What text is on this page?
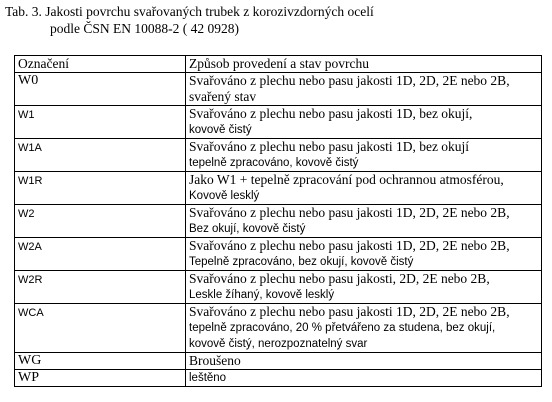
Tab. 3. Jakosti povrchu svařovaných trubek z korozivzdorných ocelí
podle ČSN EN 10088-2 ( 42 0928)
Označení	Způsob provedení a stav povrchu
W0	Svařováno z plechu nebo pasu jakosti 1D, 2D, 2E nebo 2B,
svařený stav

W1	Svařováno z plechu nebo pasu jakosti 1D, bez okují,
kovově čistý

W1A	Svařováno z plechu nebo pasu jakosti 1D, bez okují
tepelně zpracováno, kovově čistý

W1R	Jako W1 + tepelně zpracování pod ochrannou atmosférou,
Kovově lesklý

W2	Svařováno z plechu nebo pasu jakosti 1D, 2D, 2E nebo 2B,
Bez okují, kovově čistý

W2A	Svařováno z plechu nebo pasu jakosti 1D, 2D, 2E nebo 2B,
Tepelně zpracováno, bez okují, kovově čistý

W2R	Svařováno z plechu nebo pasu jakosti, 2D, 2E nebo 2B,
Leskle žíhaný, kovově lesklý

WCA	Svařováno z plechu nebo pasu jakosti 1D, 2D, 2E nebo 2B,
tepelně zpracováno, 20 % přetvářeno za studena, bez okují,
kovově čistý, nerozpoznatelný svar

WG	Broušeno

WP	leštěno
